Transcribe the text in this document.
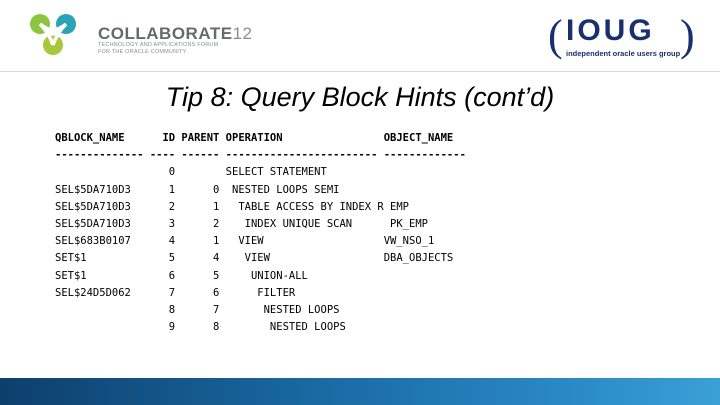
COLLABORATE12
TECHNOLOGY AND APPLICATIONS FORUM
FOR THE ORACLE COMMUNITY	( IOUG )
independent oracle users group
Tip 8: Query Block Hints (cont’d)
QBLOCK_NAME      ID PARENT OPERATION                OBJECT_NAME
-------------- ---- ------ ------------------------ -------------
0        SELECT STATEMENT
SEL$5DA710D3      1      0  NESTED LOOPS SEMI
SEL$5DA710D3      2      1   TABLE ACCESS BY INDEX R EMP
SEL$5DA710D3      3      2    INDEX UNIQUE SCAN      PK_EMP
SEL$683B0107      4      1   VIEW                   VW_NSO_1
SET$1             5      4    VIEW                  DBA_OBJECTS
SET$1             6      5     UNION-ALL
SEL$24D5D062      7      6      FILTER
8      7       NESTED LOOPS
9      8        NESTED LOOPS
